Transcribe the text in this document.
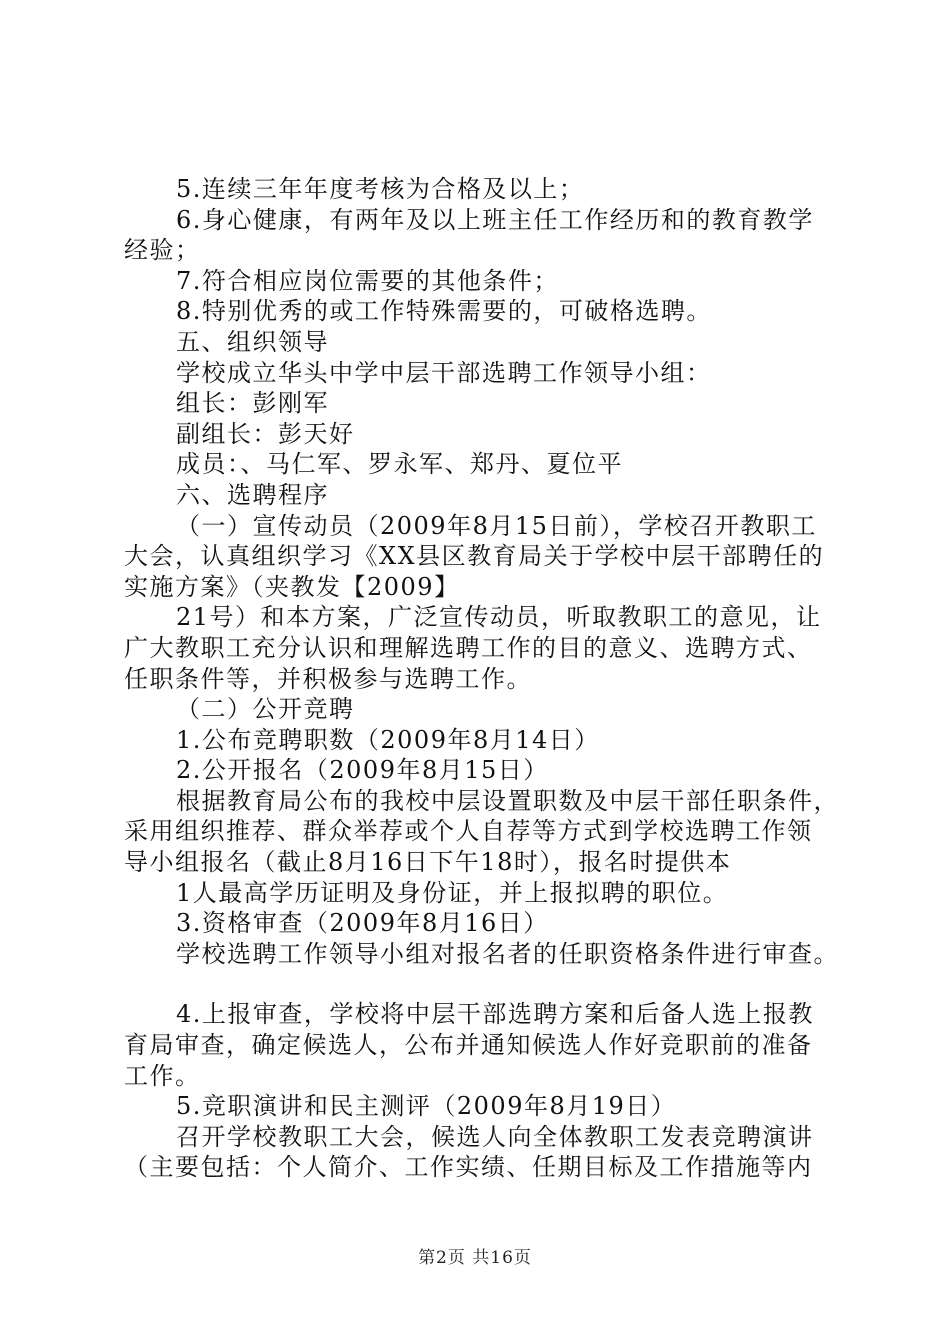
5.连续三年年度考核为合格及以上；
6.身心健康，有两年及以上班主任工作经历和的教育教学
经验；
7.符合相应岗位需要的其他条件；
8.特别优秀的或工作特殊需要的，可破格选聘。
五、组织领导
学校成立华头中学中层干部选聘工作领导小组：
组长：彭刚军
副组长：彭天好
成员：、马仁军、罗永军、郑丹、夏位平
六、选聘程序
（一）宣传动员（2009年8月15日前），学校召开教职工
大会，认真组织学习《XX县区教育局关于学校中层干部聘任的
实施方案》（夹教发【2009】
21号）和本方案，广泛宣传动员，听取教职工的意见，让
广大教职工充分认识和理解选聘工作的目的意义、选聘方式、
任职条件等，并积极参与选聘工作。
（二）公开竞聘
1.公布竞聘职数（2009年8月14日）
2.公开报名（2009年8月15日）
根据教育局公布的我校中层设置职数及中层干部任职条件，
采用组织推荐、群众举荐或个人自荐等方式到学校选聘工作领
导小组报名（截止8月16日下午18时），报名时提供本
1人最高学历证明及身份证，并上报拟聘的职位。
3.资格审查（2009年8月16日）
学校选聘工作领导小组对报名者的任职资格条件进行审查。
4.上报审查，学校将中层干部选聘方案和后备人选上报教
育局审查，确定候选人，公布并通知候选人作好竞职前的准备
工作。
5.竞职演讲和民主测评（2009年8月19日）
召开学校教职工大会，候选人向全体教职工发表竞聘演讲
（主要包括：个人简介、工作实绩、任期目标及工作措施等内
第2页 共16页
